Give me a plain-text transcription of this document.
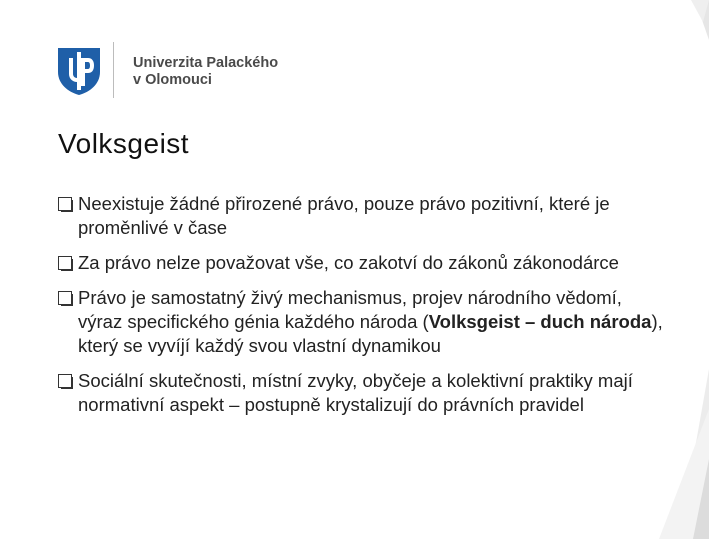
Univerzita Palackého
v Olomouci
Volksgeist
Neexistuje žádné přirozené právo, pouze právo pozitivní, které je proměnlivé v čase
Za právo nelze považovat vše, co zakotví do zákonů zákonodárce
Právo je samostatný živý mechanismus, projev národního vědomí, výraz specifického génia každého národa (Volksgeist – duch národa), který se vyvíjí každý svou vlastní dynamikou
Sociální skutečnosti, místní zvyky, obyčeje a kolektivní praktiky mají normativní aspekt – postupně krystalizují do právních pravidel
